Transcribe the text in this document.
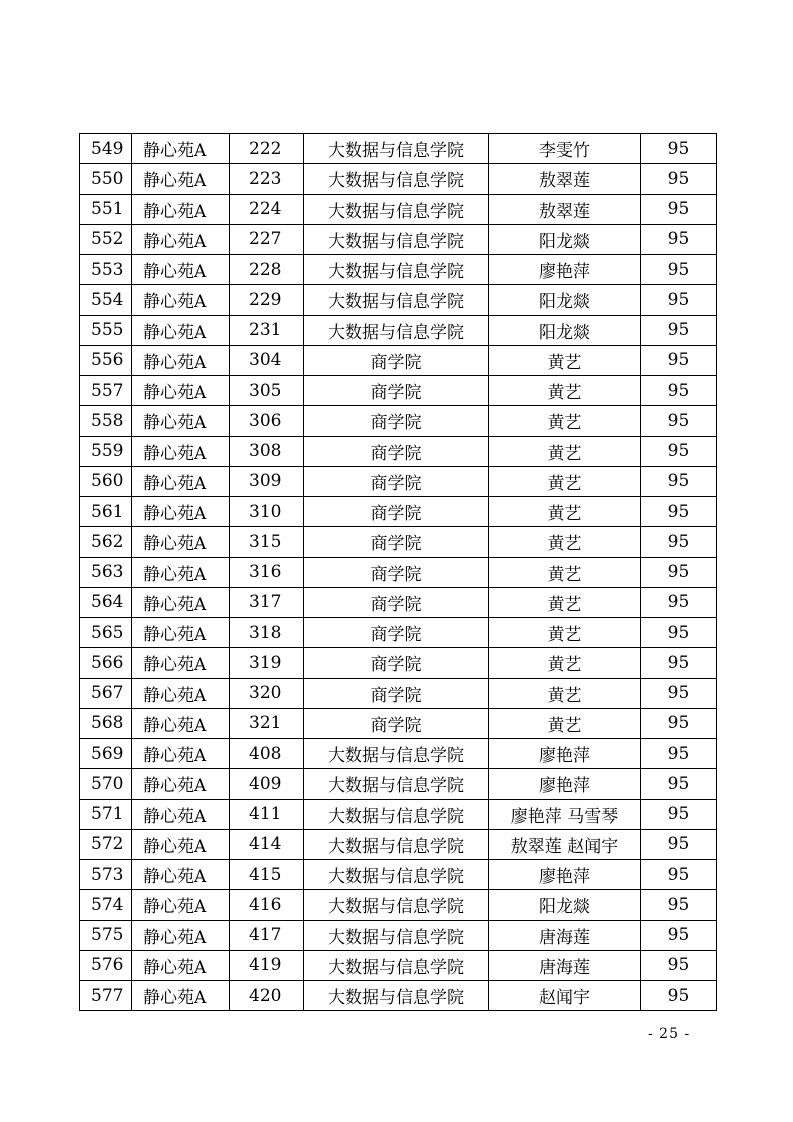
549	静心苑A	222	大数据与信息学院	李雯竹	95
550	静心苑A	223	大数据与信息学院	敖翠莲	95
551	静心苑A	224	大数据与信息学院	敖翠莲	95
552	静心苑A	227	大数据与信息学院	阳龙燚	95
553	静心苑A	228	大数据与信息学院	廖艳萍	95
554	静心苑A	229	大数据与信息学院	阳龙燚	95
555	静心苑A	231	大数据与信息学院	阳龙燚	95
556	静心苑A	304	商学院	黄艺	95
557	静心苑A	305	商学院	黄艺	95
558	静心苑A	306	商学院	黄艺	95
559	静心苑A	308	商学院	黄艺	95
560	静心苑A	309	商学院	黄艺	95
561	静心苑A	310	商学院	黄艺	95
562	静心苑A	315	商学院	黄艺	95
563	静心苑A	316	商学院	黄艺	95
564	静心苑A	317	商学院	黄艺	95
565	静心苑A	318	商学院	黄艺	95
566	静心苑A	319	商学院	黄艺	95
567	静心苑A	320	商学院	黄艺	95
568	静心苑A	321	商学院	黄艺	95
569	静心苑A	408	大数据与信息学院	廖艳萍	95
570	静心苑A	409	大数据与信息学院	廖艳萍	95
571	静心苑A	411	大数据与信息学院	廖艳萍 马雪琴	95
572	静心苑A	414	大数据与信息学院	敖翠莲 赵闻宇	95
573	静心苑A	415	大数据与信息学院	廖艳萍	95
574	静心苑A	416	大数据与信息学院	阳龙燚	95
575	静心苑A	417	大数据与信息学院	唐海莲	95
576	静心苑A	419	大数据与信息学院	唐海莲	95
577	静心苑A	420	大数据与信息学院	赵闻宇	95
- 25 -
